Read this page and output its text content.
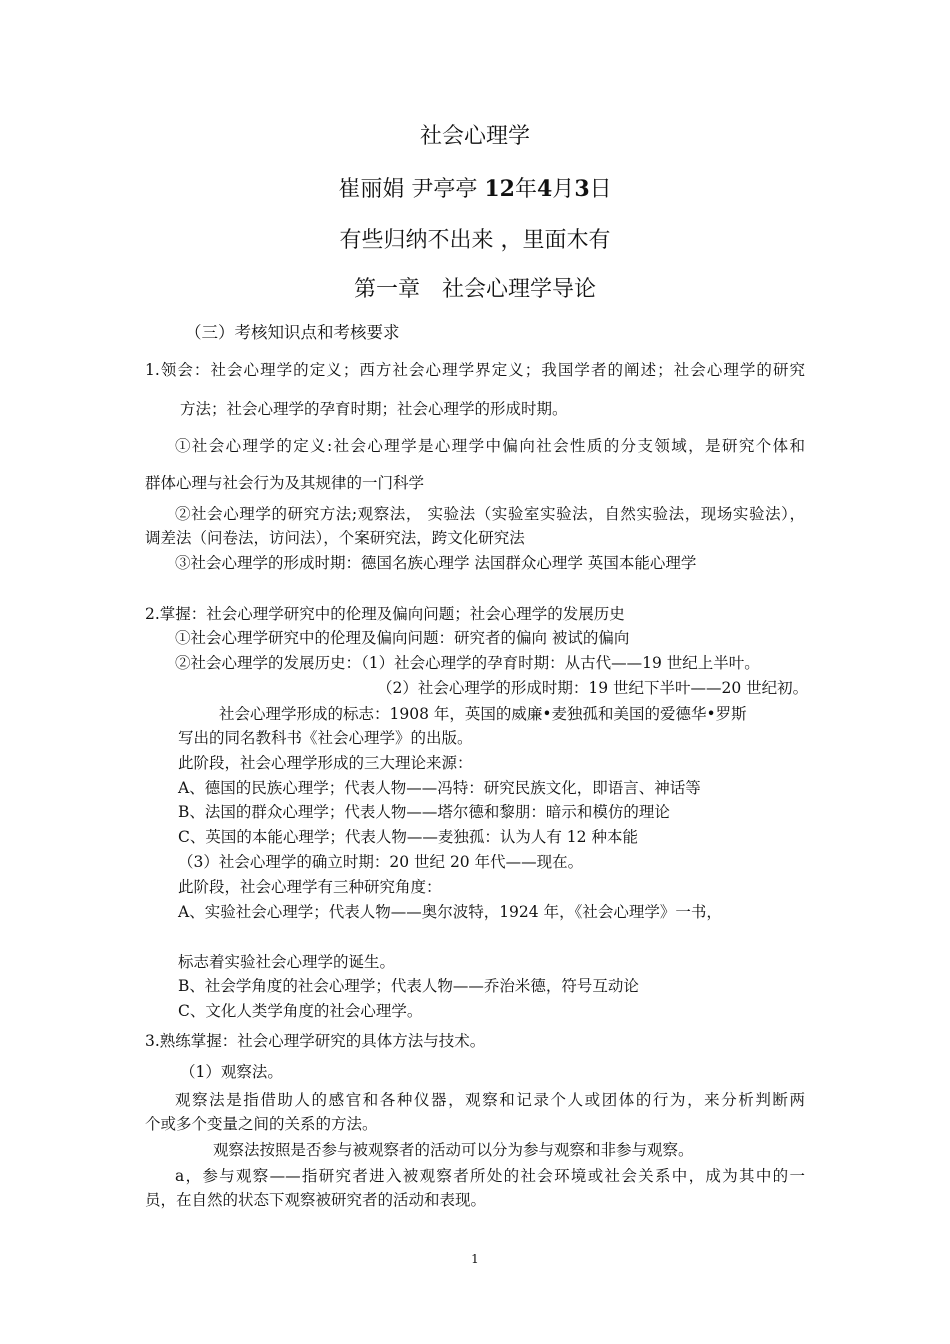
社会心理学
崔丽娟 尹亭亭 12年4月3日
有些归纳不出来 ，里面木有
第一章　社会心理学导论
（三）考核知识点和考核要求
1.领会：社会心理学的定义；西方社会心理学界定义；我国学者的阐述；社会心理学的研究
方法；社会心理学的孕育时期；社会心理学的形成时期。
①社会心理学的定义:社会心理学是心理学中偏向社会性质的分支领域，是研究个体和
群体心理与社会行为及其规律的一门科学
②社会心理学的研究方法;观察法， 实验法（实验室实验法，自然实验法，现场实验法），
调差法（问卷法，访问法），个案研究法，跨文化研究法
③社会心理学的形成时期：德国名族心理学 法国群众心理学 英国本能心理学
2.掌握：社会心理学研究中的伦理及偏向问题；社会心理学的发展历史
①社会心理学研究中的伦理及偏向问题：研究者的偏向 被试的偏向
②社会心理学的发展历史：（1）社会心理学的孕育时期：从古代——19 世纪上半叶。
（2）社会心理学的形成时期：19 世纪下半叶——20 世纪初。
社会心理学形成的标志：1908 年，英国的威廉•麦独孤和美国的爱德华•罗斯
写出的同名教科书《社会心理学》的出版。
此阶段，社会心理学形成的三大理论来源：
A、德国的民族心理学；代表人物——冯特：研究民族文化，即语言、神话等
B、法国的群众心理学；代表人物——塔尔德和黎朋：暗示和模仿的理论
C、英国的本能心理学；代表人物——麦独孤：认为人有 12 种本能
（3）社会心理学的确立时期：20 世纪 20 年代——现在。
此阶段，社会心理学有三种研究角度：
A、实验社会心理学；代表人物——奥尔波特，1924 年，《社会心理学》一书，
标志着实验社会心理学的诞生。
B、社会学角度的社会心理学；代表人物——乔治米德，符号互动论
C、文化人类学角度的社会心理学。
3.熟练掌握：社会心理学研究的具体方法与技术。
（1）观察法。
观察法是指借助人的感官和各种仪器，观察和记录个人或团体的行为，来分析判断两
个或多个变量之间的关系的方法。
观察法按照是否参与被观察者的活动可以分为参与观察和非参与观察。
a，参与观察——指研究者进入被观察者所处的社会环境或社会关系中，成为其中的一
员，在自然的状态下观察被研究者的活动和表现。
1
